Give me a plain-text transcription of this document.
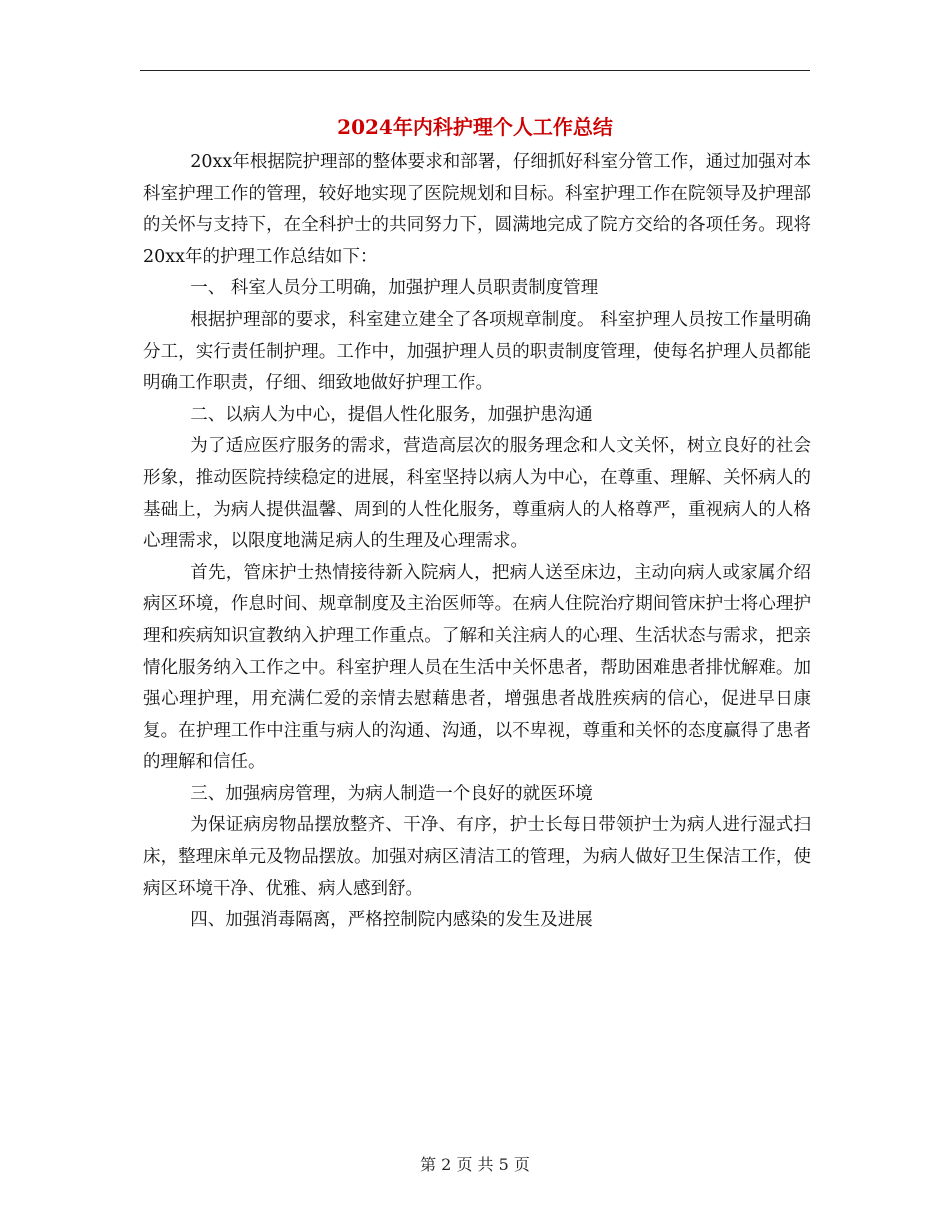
2024年内科护理个人工作总结

20xx年根据院护理部的整体要求和部署，仔细抓好科室分管工作，通过加强对本科室护理工作的管理，较好地实现了医院规划和目标。科室护理工作在院领导及护理部的关怀与支持下，在全科护士的共同努力下，圆满地完成了院方交给的各项任务。现将20xx年的护理工作总结如下：

一、 科室人员分工明确，加强护理人员职责制度管理

根据护理部的要求，科室建立建全了各项规章制度。 科室护理人员按工作量明确分工，实行责任制护理。工作中，加强护理人员的职责制度管理，使每名护理人员都能明确工作职责，仔细、细致地做好护理工作。

二、以病人为中心，提倡人性化服务，加强护患沟通

为了适应医疗服务的需求，营造高层次的服务理念和人文关怀，树立良好的社会形象，推动医院持续稳定的进展，科室坚持以病人为中心，在尊重、理解、关怀病人的基础上，为病人提供温馨、周到的人性化服务，尊重病人的人格尊严，重视病人的人格心理需求，以限度地满足病人的生理及心理需求。

首先，管床护士热情接待新入院病人，把病人送至床边，主动向病人或家属介绍病区环境，作息时间、规章制度及主治医师等。在病人住院治疗期间管床护士将心理护理和疾病知识宣教纳入护理工作重点。了解和关注病人的心理、生活状态与需求，把亲情化服务纳入工作之中。科室护理人员在生活中关怀患者，帮助困难患者排忧解难。加强心理护理，用充满仁爱的亲情去慰藉患者，增强患者战胜疾病的信心，促进早日康复。在护理工作中注重与病人的沟通、沟通，以不卑视，尊重和关怀的态度赢得了患者的理解和信任。

三、加强病房管理，为病人制造一个良好的就医环境

为保证病房物品摆放整齐、干净、有序，护士长每日带领护士为病人进行湿式扫床，整理床单元及物品摆放。加强对病区清洁工的管理，为病人做好卫生保洁工作，使病区环境干净、优雅、病人感到舒。

四、加强消毒隔离，严格控制院内感染的发生及进展

第 2 页 共 5 页
